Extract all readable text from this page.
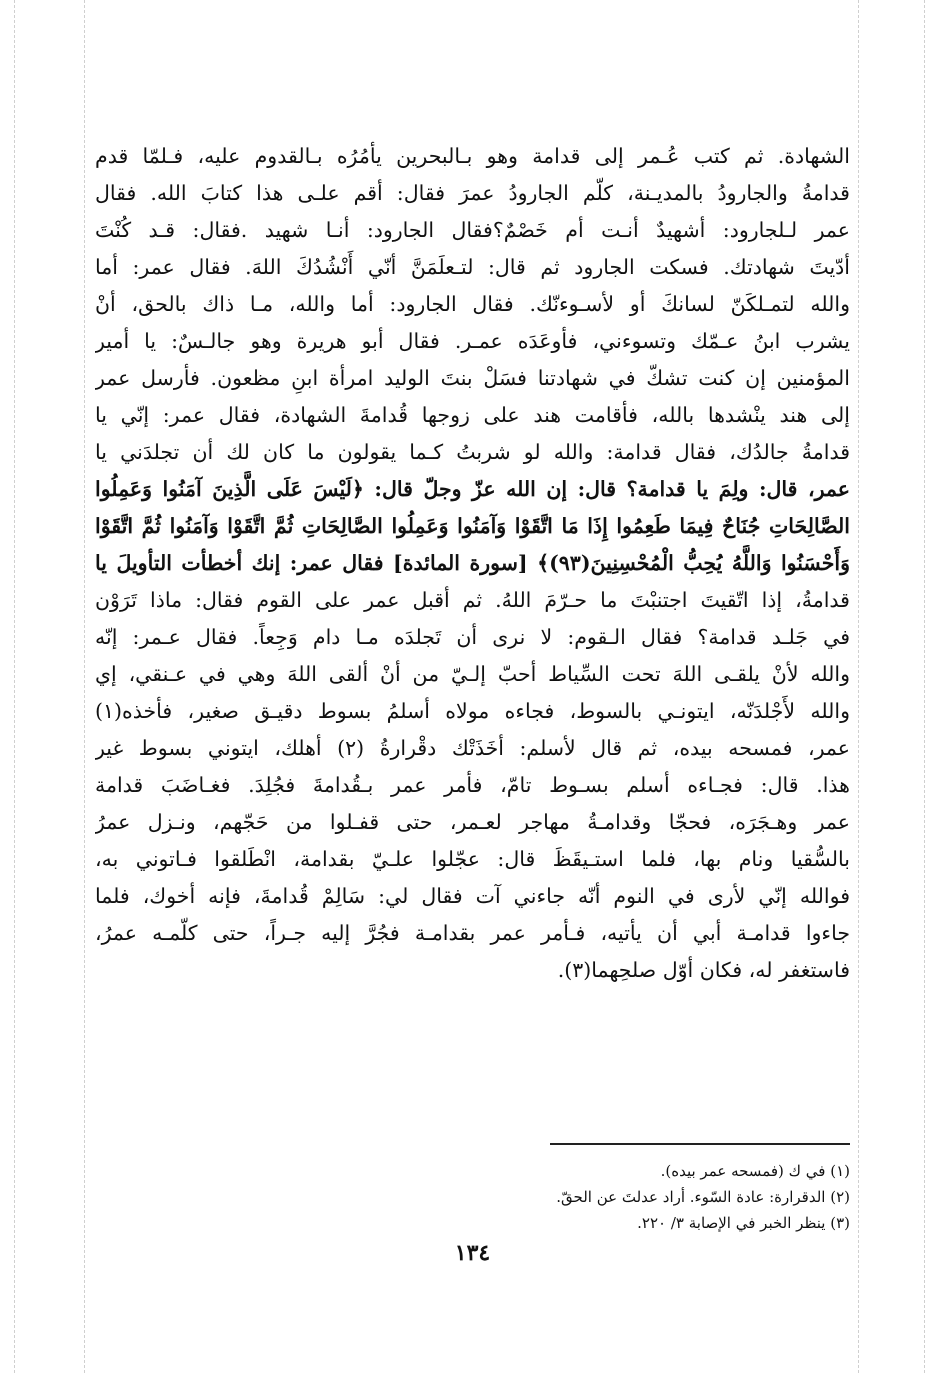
الشهادة. ثم كتب عُـمر إلى قدامة وهو بـالبحرين يأمُرُه بـالقدوم عليه، فـلمّا قدم
قدامةُ والجارودُ بالمديـنة، كلّم الجارودُ عمرَ فقال: أقم علـى هذا كتابَ الله. فقال
عمر لـلجارود: أشهيدٌ أنـت أم خَصْمٌ؟فقال الجارود: أنـا شهيد .فقال: قـد كُنْتَ
أدّيتَ شهادتك. فسكت الجارود ثم قال: لتـعلَمَنَّ أنّي أَنْشُدُكَ اللهَ. فقال عمر: أما
والله لتمـلكَنّ لسانكَ أو لأسـوءنّك. فقال الجارود: أما والله، مـا ذاك بالحق، أنْ
يشرب ابنُ عـمّك وتسوءني، فأوعَدَه عمـر. فقال أبو هريرة وهو جالـسٌ: يا أمير
المؤمنين إن كنت تشكّ في شهادتنا فسَلْ بنتَ الوليد امرأة ابنِ مظعون. فأرسل عمر
إلى هند ينْشدها بالله، فأقامت هند على زوجها قُدامةَ الشهادة، فقال عمر: إنّي يا
قدامةُ جالدُك، فقال قدامة: والله لو شربتُ كـما يقولون ما كان لك أن تجلدَني يا
عمر، قال: ولِمَ يا قدامة؟ قال: إن الله عزّ وجلّ قال: ﴿لَيْسَ عَلَى الَّذِينَ آمَنُوا وَعَمِلُوا
الصَّالِحَاتِ جُنَاحٌ فِيمَا طَعِمُوا إِذَا مَا اتَّقَوْا وَآمَنُوا وَعَمِلُوا الصَّالِحَاتِ ثُمَّ اتَّقَوْا وَآمَنُوا ثُمَّ اتَّقَوْا
وَأَحْسَنُوا وَاللَّهُ يُحِبُّ الْمُحْسِنِينَ(٩٣)﴾ [سورة المائدة] فقال عمر: إنك أخطأت التأويلَ يا
قدامةُ، إذا اتّقيتَ اجتنبْتَ ما حـرّمَ اللهُ. ثم أقبل عمر على القوم فقال: ماذا تَرَوْن
في جَلـد قدامة؟ فقال الـقوم: لا نرى أن تَجلدَه مـا دام وَجِعاً. فقال عـمر: إنّه
والله لأنْ يلقـى اللهَ تحت السِّياط أحبّ إلـيّ من أنْ ألقى اللهَ وهي في عـنقي، إي
والله لأَجْلدَنّه، ايتونـي بالسوط، فجاءه مولاه أسلمُ بسوط دقيـق صغير، فأخذه(١)
عمر، فمسحه بيده، ثم قال لأسلم: أخَذَتْك دقْرارةُ (٢) أهلك، ايتوني بسوط غير
هذا. قال: فجـاءه أسلم بسـوط تامّ، فأمر عمر بـقُدامةَ فجُلِدَ. فغـاضَبَ قدامة
عمر وهـجَرَه، فحجّا وقدامـةُ مهاجر لعـمر، حتى قفـلوا من حَجّهم، ونـزل عمرُ
بالسُّقيا ونام بها، فلما استـيقَظَ قال: عجّلوا علـيّ بقدامة، انْطَلقوا فـاتوني به،
فوالله إنّي لأرى في النوم أنّه جاءني آت فقال لي: سَالِمْ قُدامةَ، فإنه أخوك، فلما
جاءوا قدامـة أبي أن يأتيه، فـأمر عمر بقدامـة فجُرَّ إليه جـراً، حتى كلّمـه عمرُ،
فاستغفر له، فكان أوّل صلحِهما(٣).
(١) في ك (فمسحه عمر بيده).
(٢) الدقرارة: عادة السّوء. أراد عدلتَ عن الحقّ.
(٣) ينظر الخبر في الإصابة ٣/ ٢٢٠.
١٣٤
